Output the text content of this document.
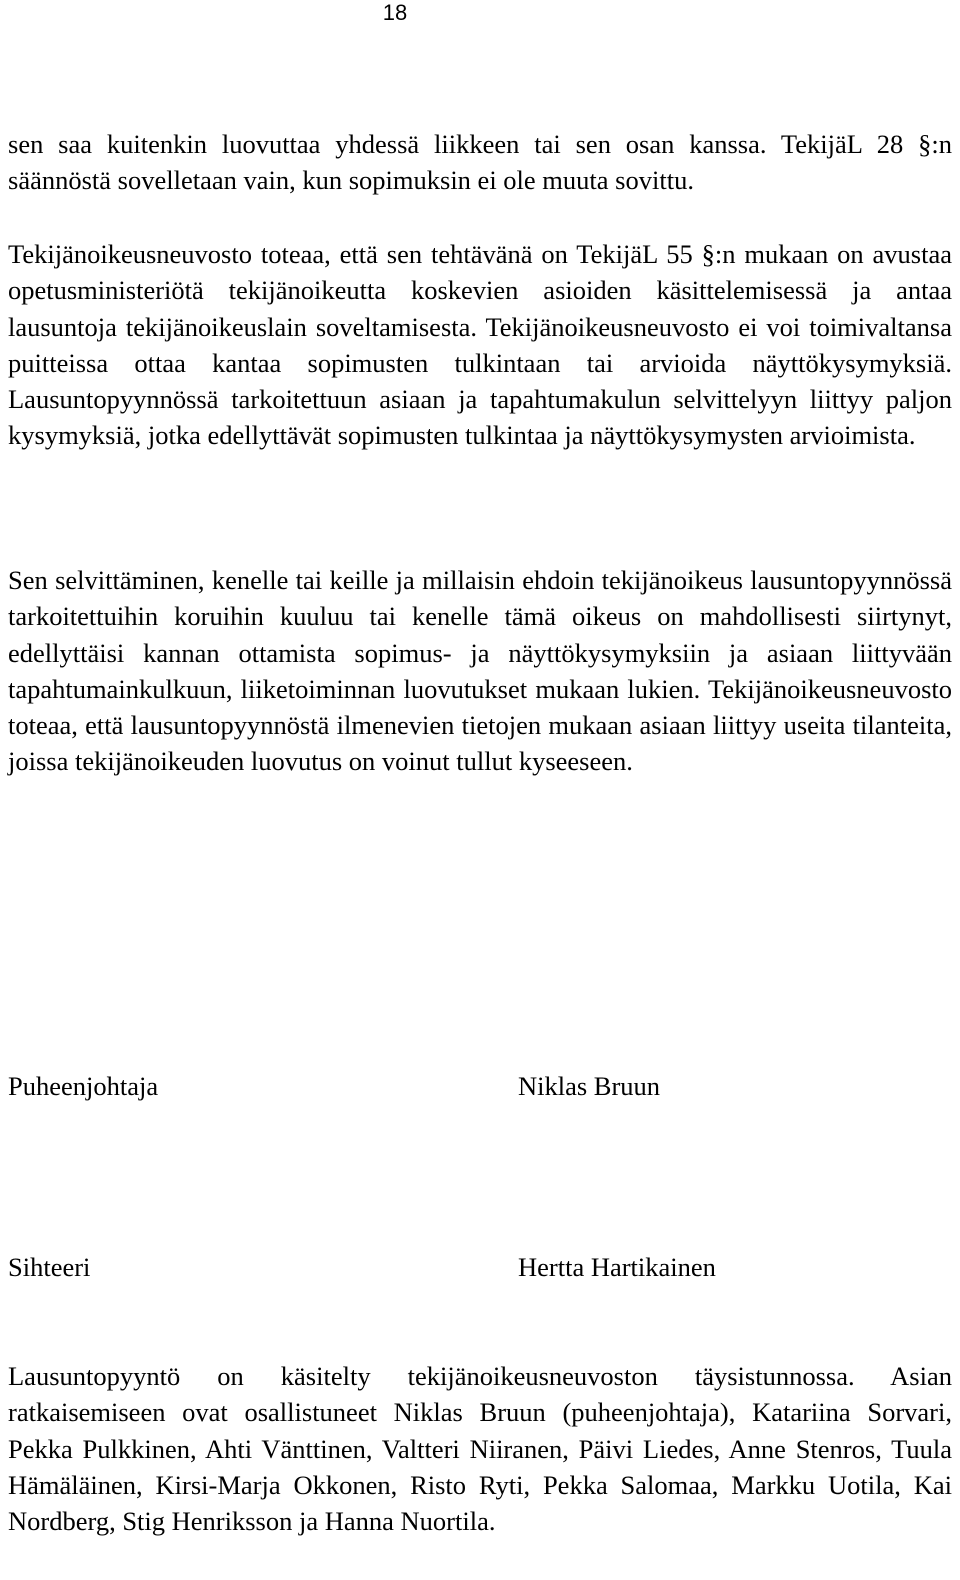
18

sen saa kuitenkin luovuttaa yhdessä liikkeen tai sen osan kanssa. TekijäL 28 §:n säännöstä sovelletaan vain, kun sopimuksin ei ole muuta sovittu.

Tekijänoikeusneuvosto toteaa, että sen tehtävänä on TekijäL 55 §:n mukaan on avustaa opetusministeriötä tekijänoikeutta koskevien asioiden käsittelemisessä ja antaa lausuntoja tekijänoikeuslain soveltamisesta. Tekijänoikeusneuvosto ei voi toimivaltansa puitteissa ottaa kantaa sopimusten tulkintaan tai arvioida näyttökysymyksiä. Lausuntopyynnössä tarkoitettuun asiaan ja tapahtumakulun selvittelyyn liittyy paljon kysymyksiä, jotka edellyttävät sopimusten tulkintaa ja näyttökysymysten arvioimista.

Sen selvittäminen, kenelle tai keille ja millaisin ehdoin tekijänoikeus lausuntopyynnössä tarkoitettuihin koruihin kuuluu tai kenelle tämä oikeus on mahdollisesti siirtynyt, edellyttäisi kannan ottamista sopimus- ja näyttökysymyksiin ja asiaan liittyvään tapahtumainkulkuun, liiketoiminnan luovutukset mukaan lukien. Tekijänoikeusneuvosto toteaa, että lausuntopyynnöstä ilmenevien tietojen mukaan asiaan liittyy useita tilanteita, joissa tekijänoikeuden luovutus on voinut tullut kyseeseen.

Puheenjohtaja	Niklas Bruun
Sihteeri	Hertta Hartikainen

Lausuntopyyntö on käsitelty tekijänoikeusneuvoston täysistunnossa. Asian ratkaisemiseen ovat osallistuneet Niklas Bruun (puheenjohtaja), Katariina Sorvari, Pekka Pulkkinen, Ahti Vänttinen, Valtteri Niiranen, Päivi Liedes, Anne Stenros, Tuula Hämäläinen, Kirsi-Marja Okkonen, Risto Ryti, Pekka Salomaa, Markku Uotila, Kai Nordberg, Stig Henriksson ja Hanna Nuortila.
